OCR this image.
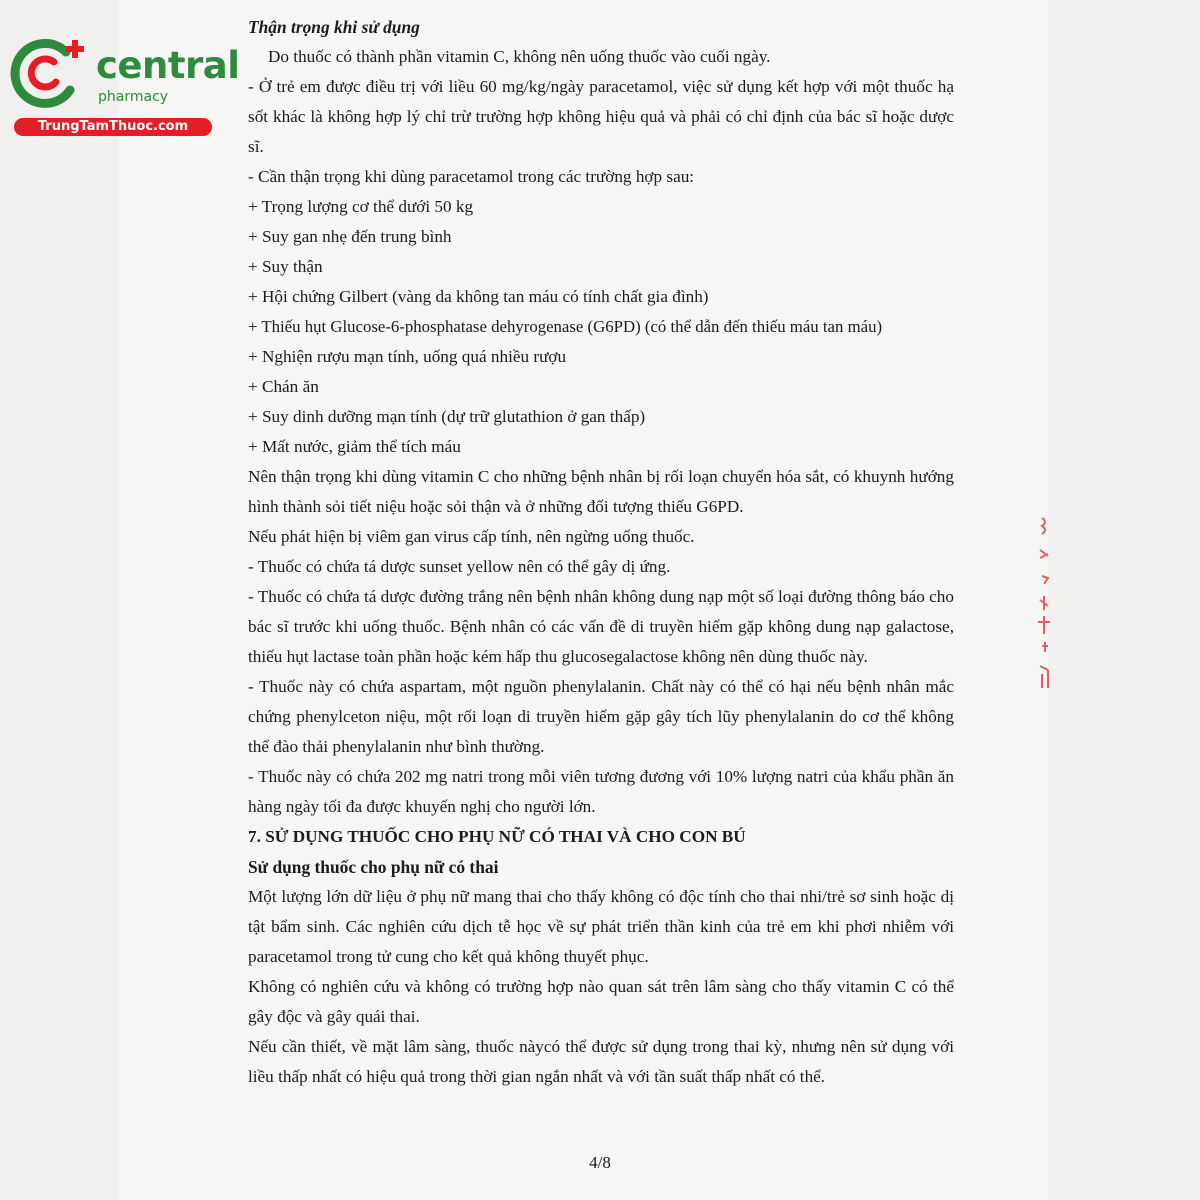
central
pharmacy
TrungTamThuoc.com
Thận trọng khi sử dụng

Do thuốc có thành phần vitamin C, không nên uống thuốc vào cuối ngày.

- Ở trẻ em được điều trị với liều 60 mg/kg/ngày paracetamol, việc sử dụng kết hợp với một thuốc hạ sốt khác là không hợp lý chỉ trừ trường hợp không hiệu quả và phải có chỉ định của bác sĩ hoặc dược sĩ.

- Cần thận trọng khi dùng paracetamol trong các trường hợp sau:

+ Trọng lượng cơ thể dưới 50 kg

+ Suy gan nhẹ đến trung bình

+ Suy thận

+ Hội chứng Gilbert (vàng da không tan máu có tính chất gia đình)

+ Thiếu hụt Glucose-6-phosphatase dehyrogenase (G6PD) (có thể dẫn đến thiếu máu tan máu)

+ Nghiện rượu mạn tính, uống quá nhiều rượu

+ Chán ăn

+ Suy dinh dưỡng mạn tính (dự trữ glutathion ở gan thấp)

+ Mất nước, giảm thể tích máu

Nên thận trọng khi dùng vitamin C cho những bệnh nhân bị rối loạn chuyển hóa sắt, có khuynh hướng hình thành sỏi tiết niệu hoặc sỏi thận và ở những đối tượng thiếu G6PD.

Nếu phát hiện bị viêm gan virus cấp tính, nên ngừng uống thuốc.

- Thuốc có chứa tá dược sunset yellow nên có thể gây dị ứng.

- Thuốc có chứa tá dược đường trắng nên bệnh nhân không dung nạp một số loại đường thông báo cho bác sĩ trước khi uống thuốc. Bệnh nhân có các vấn đề di truyền hiếm gặp không dung nạp galactose, thiếu hụt lactase toàn phần hoặc kém hấp thu glucosegalactose không nên dùng thuốc này.

- Thuốc này có chứa aspartam, một nguồn phenylalanin. Chất này có thể có hại nếu bệnh nhân mắc chứng phenylceton niệu, một rối loạn di truyền hiếm gặp gây tích lũy phenylalanin do cơ thể không thể đào thải phenylalanin như bình thường.

- Thuốc này có chứa 202 mg natri trong mỗi viên tương đương với 10% lượng natri của khẩu phần ăn hàng ngày tối đa được khuyến nghị cho người lớn.

7. SỬ DỤNG THUỐC CHO PHỤ NỮ CÓ THAI VÀ CHO CON BÚ

Sử dụng thuốc cho phụ nữ có thai

Một lượng lớn dữ liệu ở phụ nữ mang thai cho thấy không có độc tính cho thai nhi/trẻ sơ sinh hoặc dị tật bẩm sinh. Các nghiên cứu dịch tễ học về sự phát triển thần kinh của trẻ em khi phơi nhiễm với paracetamol trong tử cung cho kết quả không thuyết phục.

Không có nghiên cứu và không có trường hợp nào quan sát trên lâm sàng cho thấy vitamin C có thể gây độc và gây quái thai.

Nếu cần thiết, về mặt lâm sàng, thuốc nàycó thể được sử dụng trong thai kỳ, nhưng nên sử dụng với liều thấp nhất có hiệu quả trong thời gian ngắn nhất và với tần suất thấp nhất có thể.

4/8
